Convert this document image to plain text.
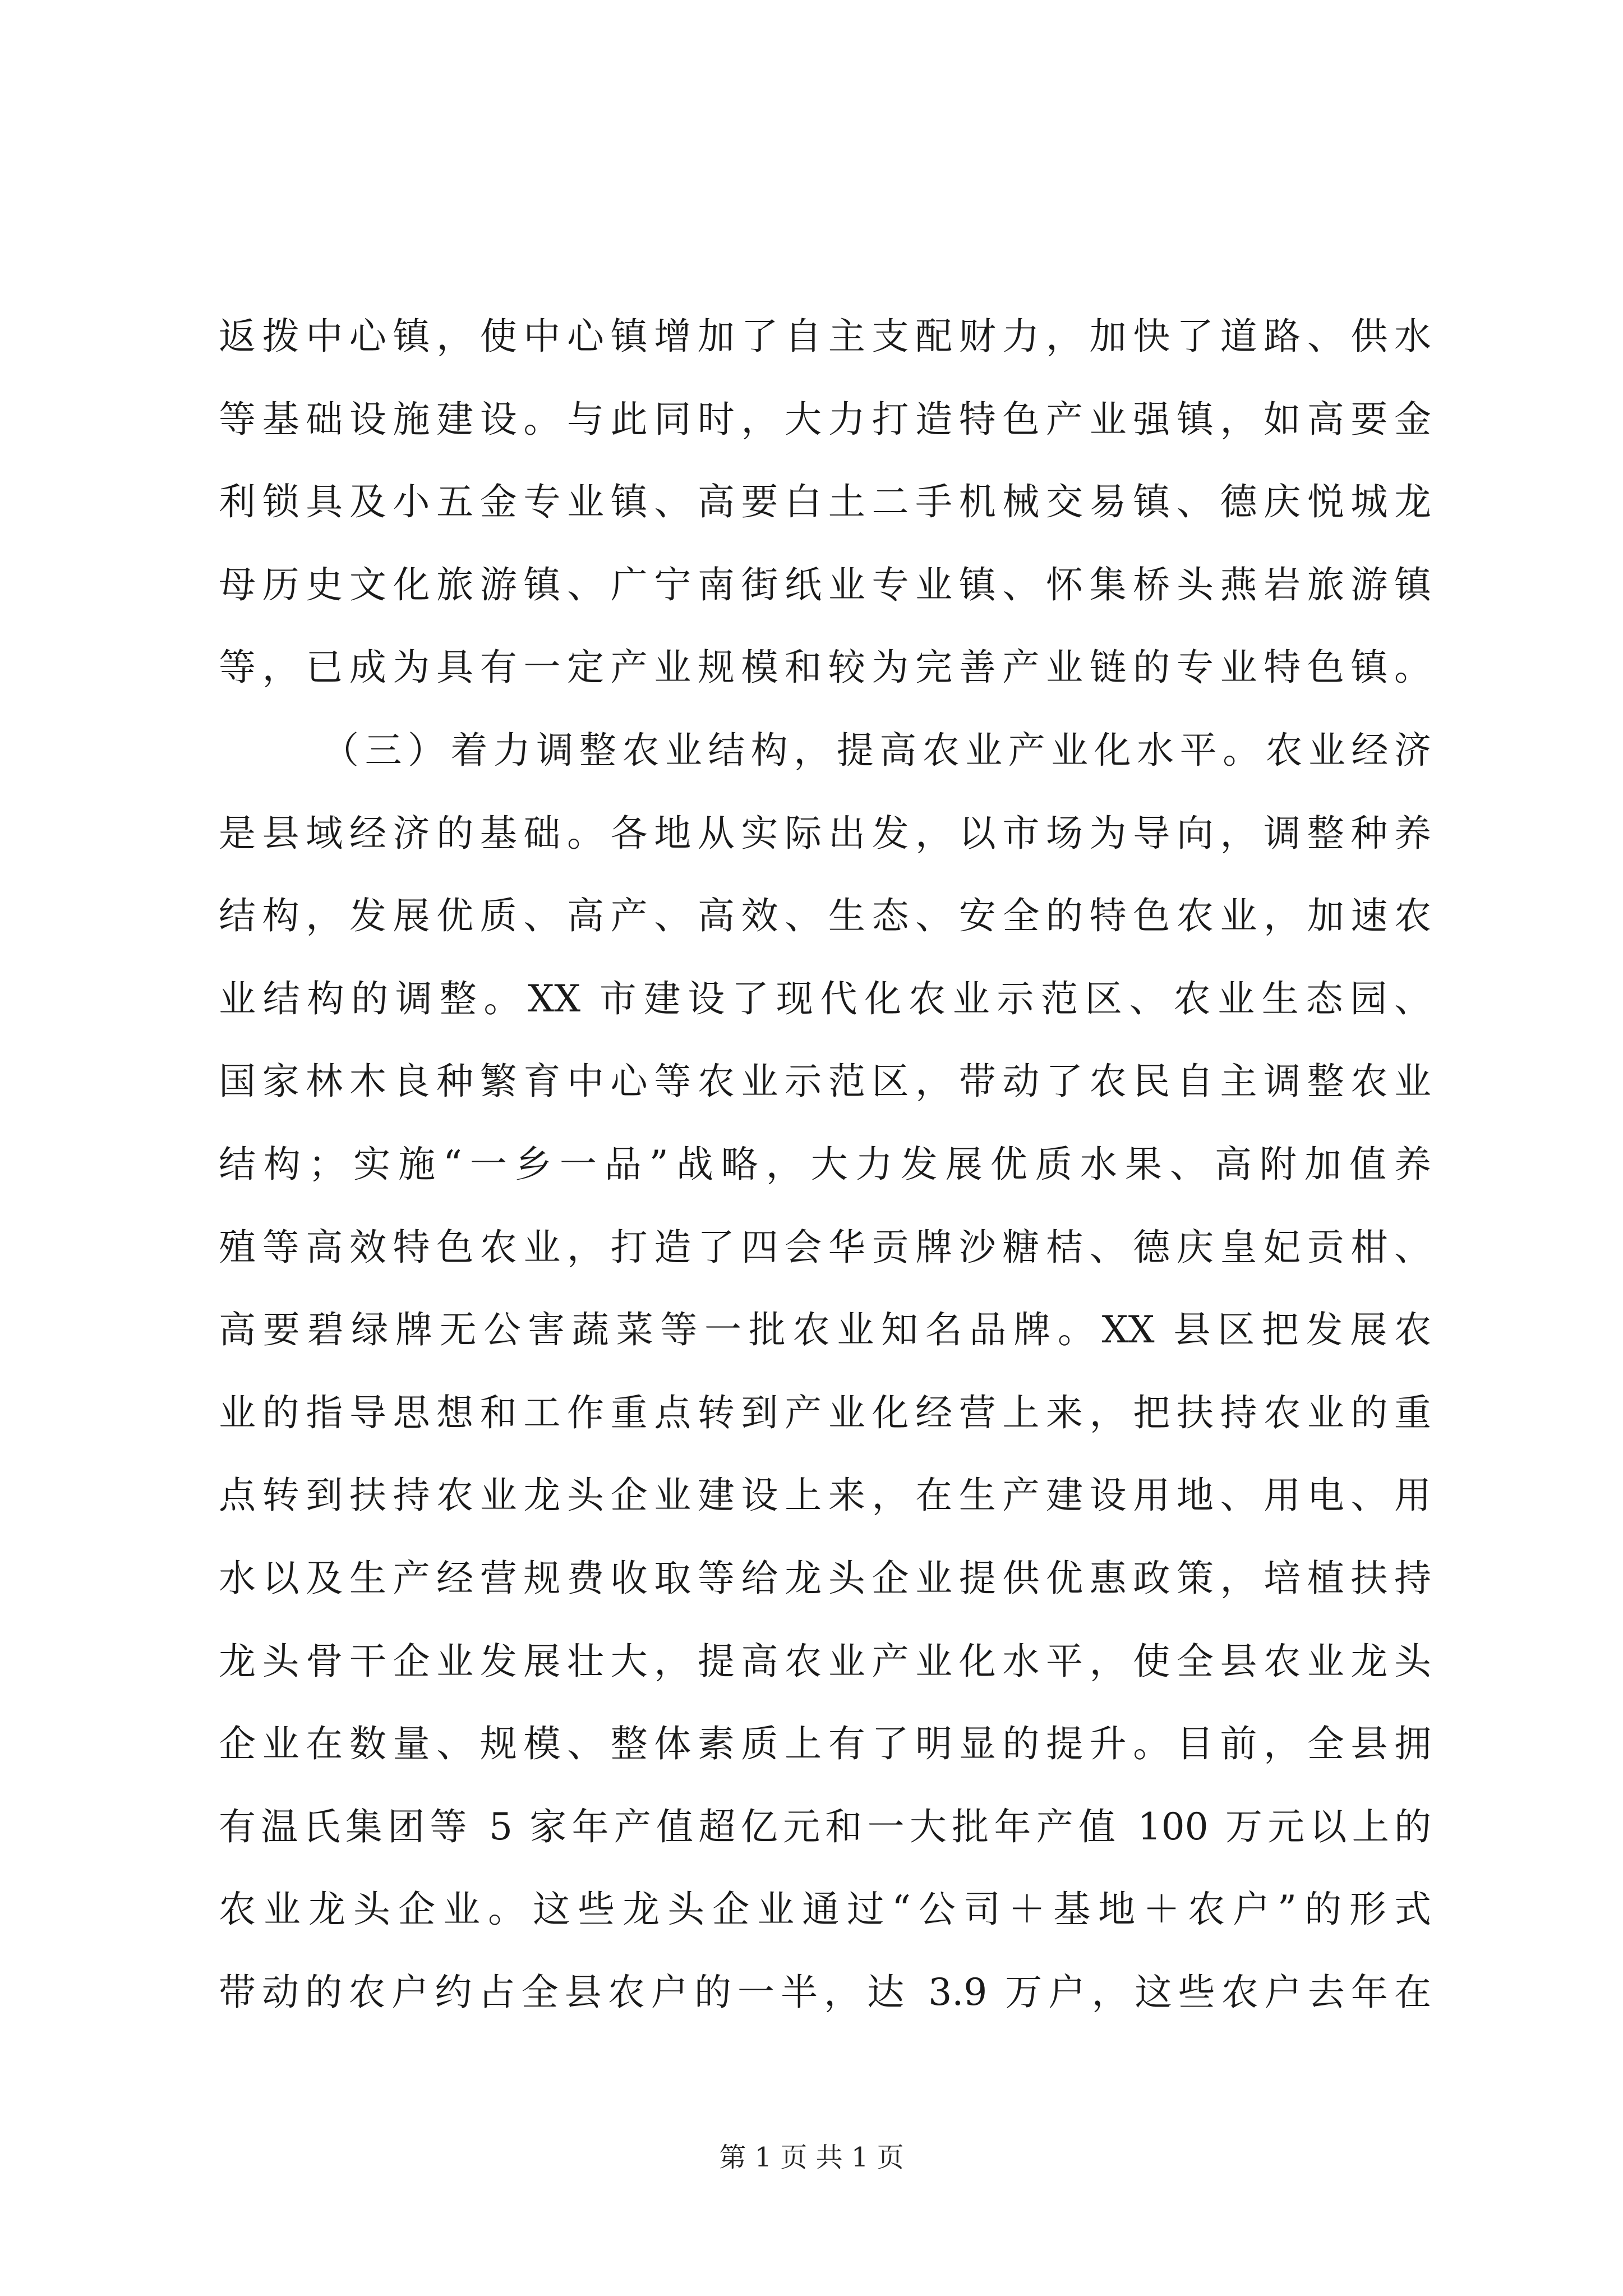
返拨中心镇，使中心镇增加了自主支配财力，加快了道路、供水
等基础设施建设。与此同时，大力打造特色产业强镇，如高要金
利锁具及小五金专业镇、高要白土二手机械交易镇、德庆悦城龙
母历史文化旅游镇、广宁南街纸业专业镇、怀集桥头燕岩旅游镇
等，已成为具有一定产业规模和较为完善产业链的专业特色镇。
（三）着力调整农业结构，提高农业产业化水平。农业经济
是县域经济的基础。各地从实际出发，以市场为导向，调整种养
结构，发展优质、高产、高效、生态、安全的特色农业，加速农
业结构的调整。XX 市建设了现代化农业示范区、农业生态园、
国家林木良种繁育中心等农业示范区，带动了农民自主调整农业
结构；实施“一乡一品”战略，大力发展优质水果、高附加值养
殖等高效特色农业，打造了四会华贡牌沙糖桔、德庆皇妃贡柑、
高要碧绿牌无公害蔬菜等一批农业知名品牌。XX 县区把发展农
业的指导思想和工作重点转到产业化经营上来，把扶持农业的重
点转到扶持农业龙头企业建设上来，在生产建设用地、用电、用
水以及生产经营规费收取等给龙头企业提供优惠政策，培植扶持
龙头骨干企业发展壮大，提高农业产业化水平，使全县农业龙头
企业在数量、规模、整体素质上有了明显的提升。目前，全县拥
有温氏集团等 5 家年产值超亿元和一大批年产值 100 万元以上的
农业龙头企业。这些龙头企业通过“公司＋基地＋农户”的形式
带动的农户约占全县农户的一半，达 3.9 万户，这些农户去年在
第 1 页 共 1 页
